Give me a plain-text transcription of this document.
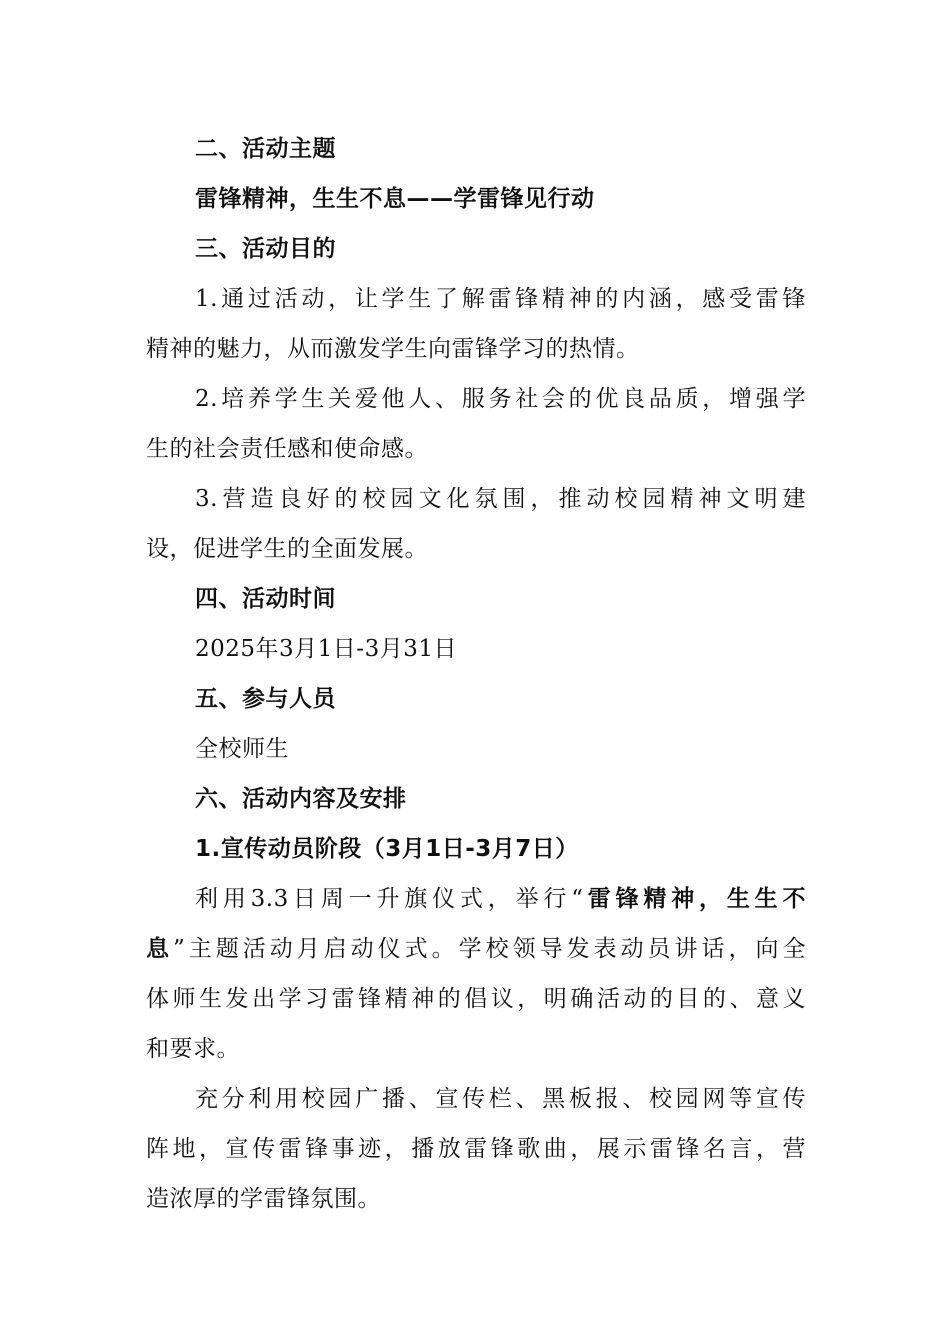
二、活动主题
雷锋精神，生生不息——学雷锋见行动
三、活动目的
1.通过活动，让学生了解雷锋精神的内涵，感受雷锋
精神的魅力，从而激发学生向雷锋学习的热情。
2.培养学生关爱他人、服务社会的优良品质，增强学
生的社会责任感和使命感。
3.营造良好的校园文化氛围，推动校园精神文明建
设，促进学生的全面发展。
四、活动时间
2025年3月1日-3月31日
五、参与人员
全校师生
六、活动内容及安排
1.宣传动员阶段（3月1日-3月7日）
利用3.3日周一升旗仪式，举行“雷锋精神，生生不
息”主题活动月启动仪式。学校领导发表动员讲话，向全
体师生发出学习雷锋精神的倡议，明确活动的目的、意义
和要求。
充分利用校园广播、宣传栏、黑板报、校园网等宣传
阵地，宣传雷锋事迹，播放雷锋歌曲，展示雷锋名言，营
造浓厚的学雷锋氛围。
